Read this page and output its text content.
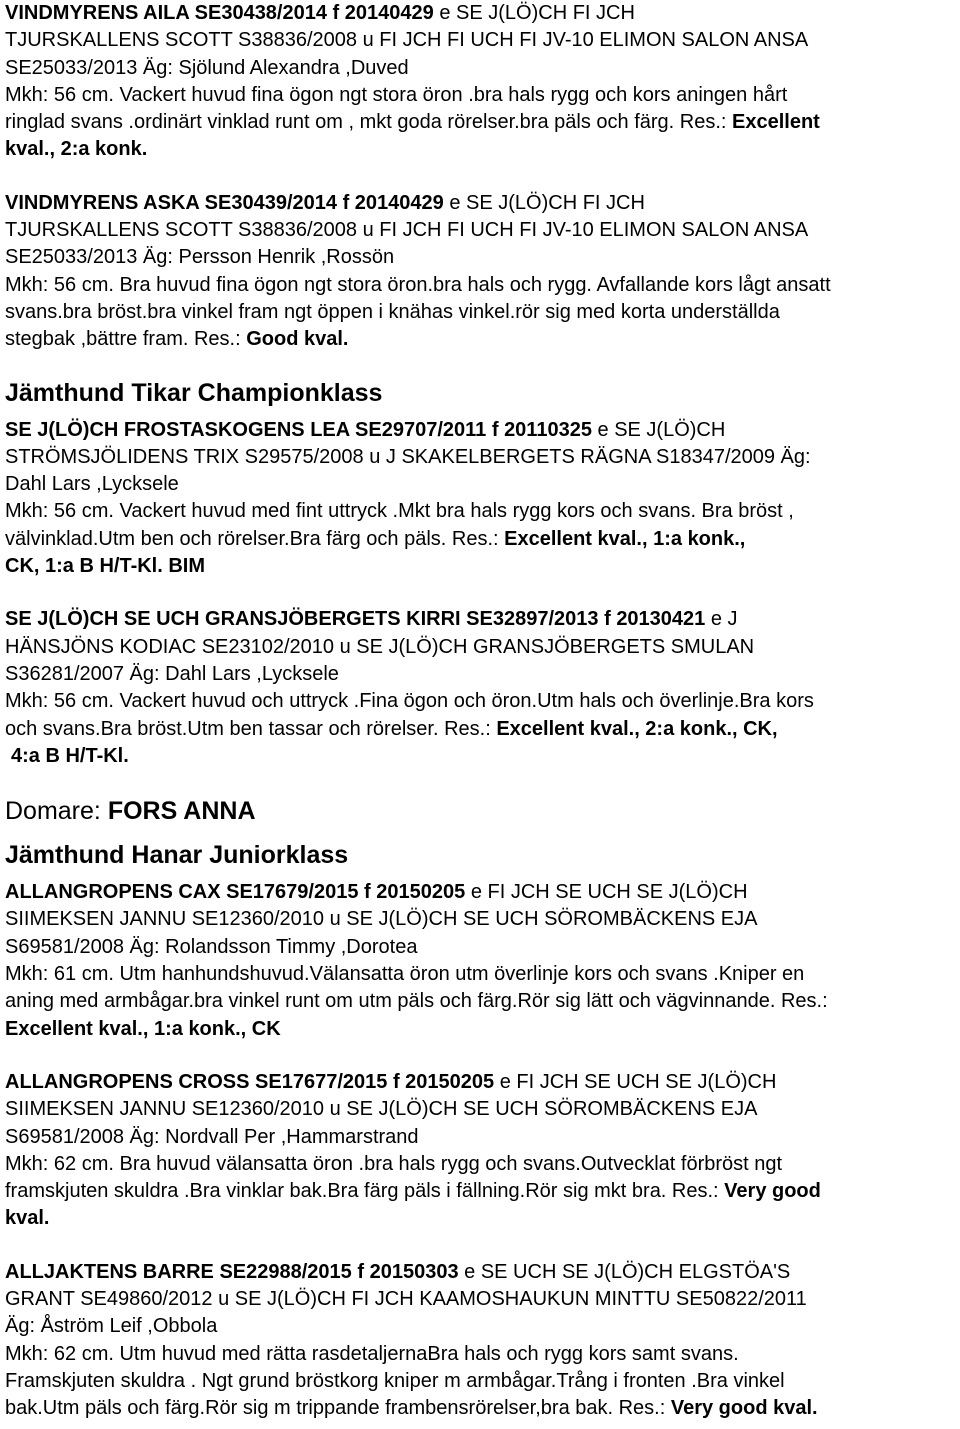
VINDMYRENS AILA SE30438/2014 f 20140429 e SE J(LÖ)CH FI JCH
TJURSKALLENS SCOTT S38836/2008 u FI JCH FI UCH FI JV-10 ELIMON SALON ANSA
SE25033/2013 Äg: Sjölund Alexandra ,Duved
Mkh: 56 cm. Vackert huvud fina ögon ngt stora öron .bra hals rygg och kors aningen hårt
ringlad svans .ordinärt vinklad runt om , mkt goda rörelser.bra päls och färg. Res.: Excellent
kval., 2:a konk.
VINDMYRENS ASKA SE30439/2014 f 20140429 e SE J(LÖ)CH FI JCH
TJURSKALLENS SCOTT S38836/2008 u FI JCH FI UCH FI JV-10 ELIMON SALON ANSA
SE25033/2013 Äg: Persson Henrik ,Rossön
Mkh: 56 cm. Bra huvud fina ögon ngt stora öron.bra hals och rygg. Avfallande kors lågt ansatt
svans.bra bröst.bra vinkel fram ngt öppen i knähas vinkel.rör sig med korta underställda
stegbak ,bättre fram. Res.: Good kval.
Jämthund Tikar Championklass
SE J(LÖ)CH FROSTASKOGENS LEA SE29707/2011 f 20110325 e SE J(LÖ)CH
STRÖMSJÖLIDENS TRIX S29575/2008 u J SKAKELBERGETS RÄGNA S18347/2009 Äg:
Dahl Lars ,Lycksele
Mkh: 56 cm. Vackert huvud med fint uttryck .Mkt bra hals rygg kors och svans. Bra bröst ,
välvinklad.Utm ben och rörelser.Bra färg och päls. Res.: Excellent kval., 1:a konk.,
CK, 1:a B H/T-Kl. BIM
SE J(LÖ)CH SE UCH GRANSJÖBERGETS KIRRI SE32897/2013 f 20130421 e J
HÄNSJÖNS KODIAC SE23102/2010 u SE J(LÖ)CH GRANSJÖBERGETS SMULAN
S36281/2007 Äg: Dahl Lars ,Lycksele
Mkh: 56 cm. Vackert huvud och uttryck .Fina ögon och öron.Utm hals och överlinje.Bra kors
och svans.Bra bröst.Utm ben tassar och rörelser. Res.: Excellent kval., 2:a konk., CK,
4:a B H/T-Kl.
Domare: FORS ANNA
Jämthund Hanar Juniorklass
ALLANGROPENS CAX SE17679/2015 f 20150205 e FI JCH SE UCH SE J(LÖ)CH
SIIMEKSEN JANNU SE12360/2010 u SE J(LÖ)CH SE UCH SÖROMBÄCKENS EJA
S69581/2008 Äg: Rolandsson Timmy ,Dorotea
Mkh: 61 cm. Utm hanhundshuvud.Välansatta öron utm överlinje kors och svans .Kniper en
aning med armbågar.bra vinkel runt om utm päls och färg.Rör sig lätt och vägvinnande. Res.:
Excellent kval., 1:a konk., CK
ALLANGROPENS CROSS SE17677/2015 f 20150205 e FI JCH SE UCH SE J(LÖ)CH
SIIMEKSEN JANNU SE12360/2010 u SE J(LÖ)CH SE UCH SÖROMBÄCKENS EJA
S69581/2008 Äg: Nordvall Per ,Hammarstrand
Mkh: 62 cm. Bra huvud välansatta öron .bra hals rygg och svans.Outvecklat förbröst ngt
framskjuten skuldra .Bra vinklar bak.Bra färg päls i fällning.Rör sig mkt bra. Res.: Very good
kval.
ALLJAKTENS BARRE SE22988/2015 f 20150303 e SE UCH SE J(LÖ)CH ELGSTÖA'S
GRANT SE49860/2012 u SE J(LÖ)CH FI JCH KAAMOSHAUKUN MINTTU SE50822/2011
Äg: Åström Leif ,Obbola
Mkh: 62 cm. Utm huvud med rätta rasdetaljernaBra hals och rygg kors samt svans.
Framskjuten skuldra . Ngt grund bröstkorg kniper m armbågar.Trång i fronten .Bra vinkel
bak.Utm päls och färg.Rör sig m trippande frambensrörelser,bra bak. Res.: Very good kval.
